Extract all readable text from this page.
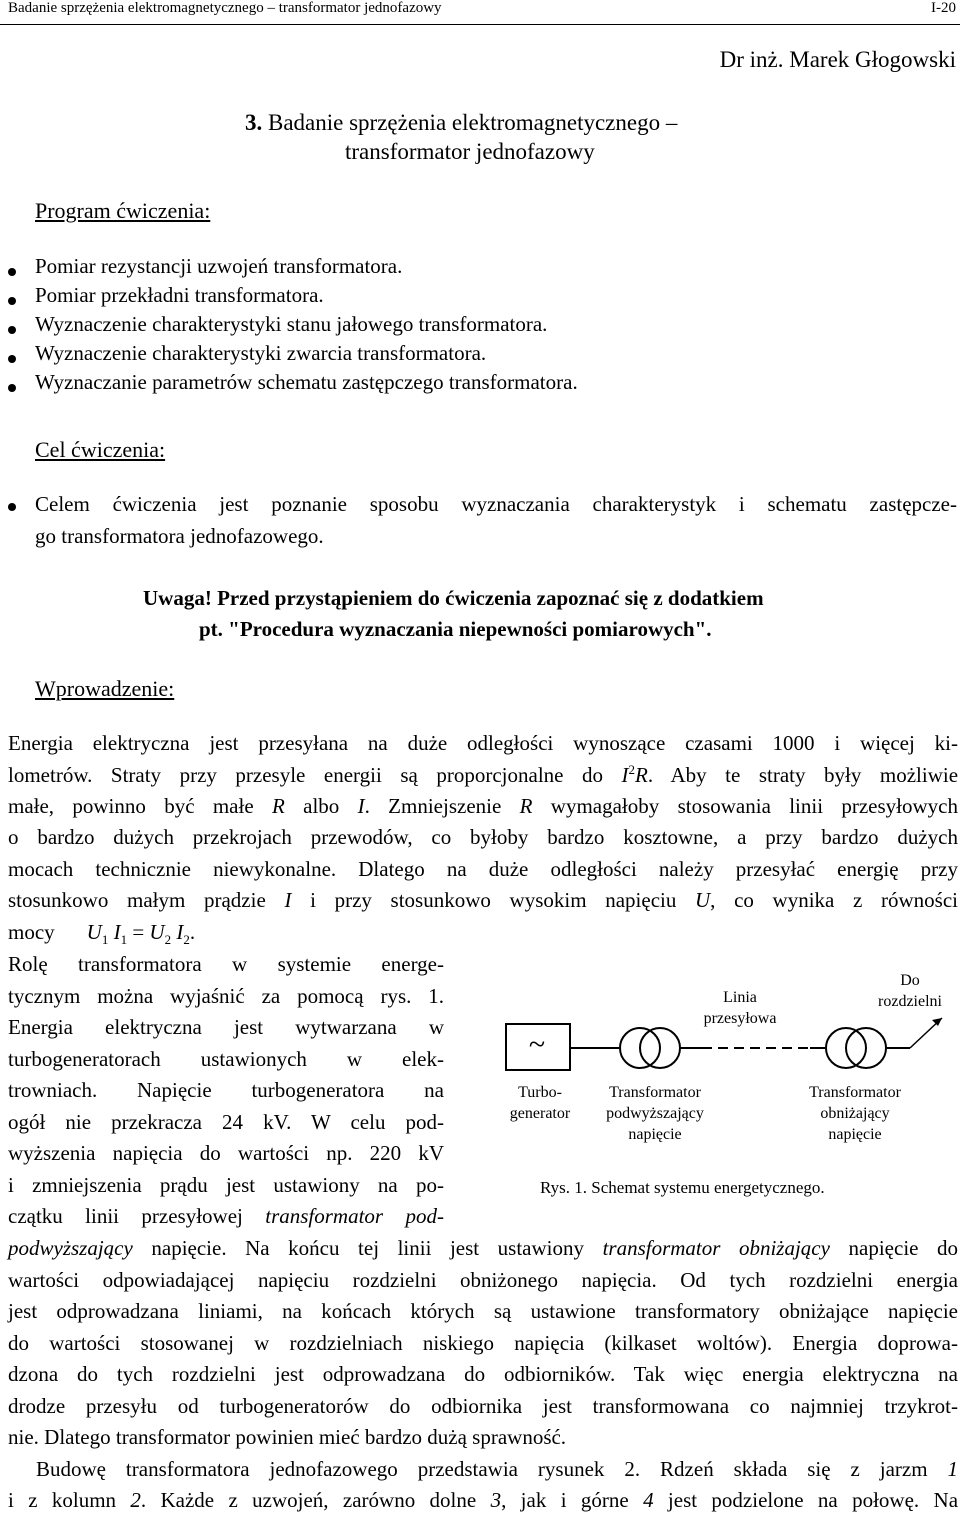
Badanie sprzężenia elektromagnetycznego – transformator jednofazowy	I-20
Dr inż. Marek Głogowski
3. Badanie sprzężenia elektromagnetycznego –
transformator jednofazowy
Program ćwiczenia:
Pomiar rezystancji uzwojeń transformatora.
Pomiar przekładni transformatora.
Wyznaczenie charakterystyki stanu jałowego transformatora.
Wyznaczenie charakterystyki zwarcia transformatora.
Wyznaczanie parametrów schematu zastępczego transformatora.
Cel ćwiczenia:
Celem ćwiczenia jest poznanie sposobu wyznaczania charakterystyk i schematu zastępcze-
go transformatora jednofazowego.
Uwaga! Przed przystąpieniem do ćwiczenia zapoznać się z dodatkiem
pt. "Procedura wyznaczania niepewności pomiarowych".
Wprowadzenie:
Energia elektryczna jest przesyłana na duże odległości wynoszące czasami 1000 i więcej ki-
lometrów. Straty przy przesyle energii są proporcjonalne do $I^2R$. Aby te straty były możliwie
małe, powinno być małe R albo I. Zmniejszenie R wymagałoby stosowania linii przesyłowych
o bardzo dużych przekrojach przewodów, co byłoby bardzo kosztowne, a przy bardzo dużych
mocach technicznie niewykonalne. Dlatego na duże odległości należy przesyłać energię przy
stosunkowo małym prądzie I i przy stosunkowo wysokim napięciu U, co wynika z równości
mocy $U_1$ $I_1 = U_2$ $I_2$.
Rolę transformatora w systemie energe-
tycznym można wyjaśnić za pomocą rys. 1.
Energia elektryczna jest wytwarzana w
turbogeneratorach ustawionych w elek-
trowniach. Napięcie turbogeneratora na
ogół nie przekracza 24 kV. W celu pod-
wyższenia napięcia do wartości np. 220 kV
i zmniejszenia prądu jest ustawiony na po-
czątku linii przesyłowej transformator pod-
podwyższający napięcie. Na końcu tej linii jest ustawiony transformator obniżający napięcie do
wartości odpowiadającej napięciu rozdzielni obniżonego napięcia. Od tych rozdzielni energia
jest odprowadzana liniami, na końcach których są ustawione transformatory obniżające napięcie
do wartości stosowanej w rozdzielniach niskiego napięcia (kilkaset woltów). Energia doprowa-
dzona do tych rozdzielni jest odprowadzana do odbiorników. Tak więc energia elektryczna na
drodze przesyłu od turbogeneratorów do odbiornika jest transformowana co najmniej trzykrot-
nie. Dlatego transformator powinien mieć bardzo dużą sprawność.
Budowę transformatora jednofazowego przedstawia rysunek 2. Rdzeń składa się z jarzm 1
i z kolumn 2. Każde z uzwojeń, zarówno dolne 3, jak i górne 4 jest podzielone na połowę. Na
~
Turbo-
generator
Transformator
podwyższający
napięcie
Linia
przesyłowa
Transformator
obniżający
napięcie
Do
rozdzielni
Rys. 1. Schemat systemu energetycznego.
